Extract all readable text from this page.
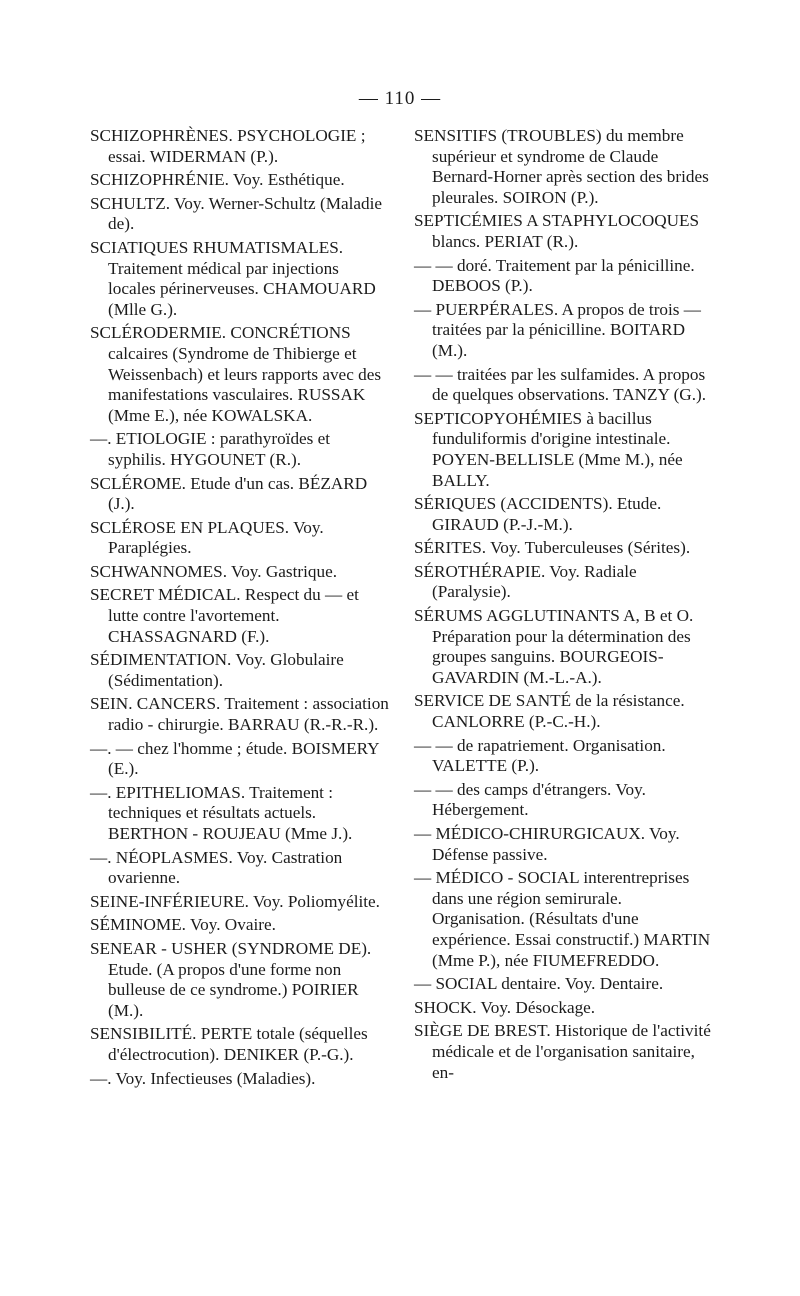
— 110 —

SCHIZOPHRÈNES. PSYCHOLOGIE ; essai. WIDERMAN (P.).

SCHIZOPHRÉNIE. Voy. Esthétique.

SCHULTZ. Voy. Werner-Schultz (Maladie de).

SCIATIQUES RHUMATISMALES. Traitement médical par injections locales périnerveuses. CHAMOUARD (Mlle G.).

SCLÉRODERMIE. CONCRÉTIONS calcaires (Syndrome de Thibierge et Weissenbach) et leurs rapports avec des manifestations vasculaires. RUSSAK (Mme E.), née KOWALSKA.

—. ETIOLOGIE : parathyroïdes et syphilis. HYGOUNET (R.).

SCLÉROME. Etude d'un cas. BÉZARD (J.).

SCLÉROSE EN PLAQUES. Voy. Paraplégies.

SCHWANNOMES. Voy. Gastrique.

SECRET MÉDICAL. Respect du — et lutte contre l'avortement. CHASSAGNARD (F.).

SÉDIMENTATION. Voy. Globulaire (Sédimentation).

SEIN. CANCERS. Traitement : association radio - chirurgie. BARRAU (R.-R.-R.).

—. — chez l'homme ; étude. BOISMERY (E.).

—. EPITHELIOMAS. Traitement : techniques et résultats actuels. BERTHON - ROUJEAU (Mme J.).

—. NÉOPLASMES. Voy. Castration ovarienne.

SEINE-INFÉRIEURE. Voy. Poliomyélite.

SÉMINOME. Voy. Ovaire.

SENEAR - USHER (SYNDROME DE). Etude. (A propos d'une forme non bulleuse de ce syndrome.) POIRIER (M.).

SENSIBILITÉ. PERTE totale (séquelles d'électrocution). DENIKER (P.-G.).

—. Voy. Infectieuses (Maladies).

SENSITIFS (TROUBLES) du membre supérieur et syndrome de Claude Bernard-Horner après section des brides pleurales. SOIRON (P.).

SEPTICÉMIES A STAPHYLOCOQUES blancs. PERIAT (R.).

— — doré. Traitement par la pénicilline. DEBOOS (P.).

— PUERPÉRALES. A propos de trois — traitées par la pénicilline. BOITARD (M.).

— — traitées par les sulfamides. A propos de quelques observations. TANZY (G.).

SEPTICOPYOHÉMIES à bacillus funduliformis d'origine intestinale. POYEN-BELLISLE (Mme M.), née BALLY.

SÉRIQUES (ACCIDENTS). Etude. GIRAUD (P.-J.-M.).

SÉRITES. Voy. Tuberculeuses (Sérites).

SÉROTHÉRAPIE. Voy. Radiale (Paralysie).

SÉRUMS AGGLUTINANTS A, B et O. Préparation pour la détermination des groupes sanguins. BOURGEOIS-GAVARDIN (M.-L.-A.).

SERVICE DE SANTÉ de la résistance. CANLORRE (P.-C.-H.).

— — de rapatriement. Organisation. VALETTE (P.).

— — des camps d'étrangers. Voy. Hébergement.

— MÉDICO-CHIRURGICAUX. Voy. Défense passive.

— MÉDICO - SOCIAL interentreprises dans une région semirurale. Organisation. (Résultats d'une expérience. Essai constructif.) MARTIN (Mme P.), née FIUMEFREDDO.

— SOCIAL dentaire. Voy. Dentaire.

SHOCK. Voy. Désockage.

SIÈGE DE BREST. Historique de l'activité médicale et de l'organisation sanitaire, en-
